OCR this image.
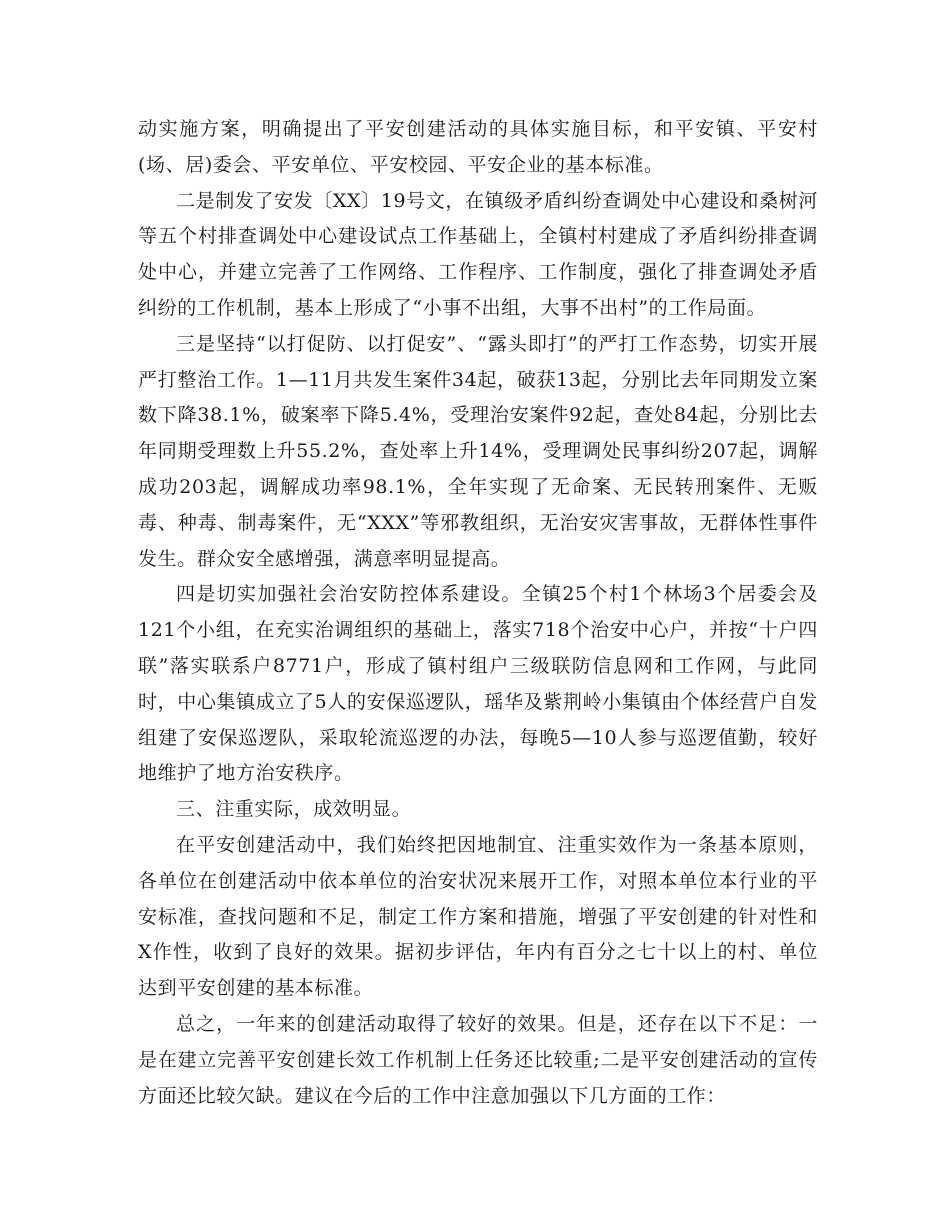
动实施方案，明确提出了平安创建活动的具体实施目标，和平安镇、平安村(场、居)委会、平安单位、平安校园、平安企业的基本标准。

二是制发了安发〔XX〕19号文，在镇级矛盾纠纷查调处中心建设和桑树河等五个村排查调处中心建设试点工作基础上，全镇村村建成了矛盾纠纷排查调处中心，并建立完善了工作网络、工作程序、工作制度，强化了排查调处矛盾纠纷的工作机制，基本上形成了“小事不出组，大事不出村”的工作局面。

三是坚持“以打促防、以打促安”、“露头即打”的严打工作态势，切实开展严打整治工作。1—11月共发生案件34起，破获13起，分别比去年同期发立案数下降38.1%，破案率下降5.4%，受理治安案件92起，查处84起，分别比去年同期受理数上升55.2%，查处率上升14%，受理调处民事纠纷207起，调解成功203起，调解成功率98.1%，全年实现了无命案、无民转刑案件、无贩毒、种毒、制毒案件，无“XXX”等邪教组织，无治安灾害事故，无群体性事件发生。群众安全感增强，满意率明显提高。

四是切实加强社会治安防控体系建设。全镇25个村1个林场3个居委会及121个小组，在充实治调组织的基础上，落实718个治安中心户，并按“十户四联”落实联系户8771户，形成了镇村组户三级联防信息网和工作网，与此同时，中心集镇成立了5人的安保巡逻队，瑶华及紫荆岭小集镇由个体经营户自发组建了安保巡逻队，采取轮流巡逻的办法，每晚5—10人参与巡逻值勤，较好地维护了地方治安秩序。

三、注重实际，成效明显。

在平安创建活动中，我们始终把因地制宜、注重实效作为一条基本原则，各单位在创建活动中依本单位的治安状况来展开工作，对照本单位本行业的平安标准，查找问题和不足，制定工作方案和措施，增强了平安创建的针对性和X作性，收到了良好的效果。据初步评估，年内有百分之七十以上的村、单位达到平安创建的基本标准。

总之，一年来的创建活动取得了较好的效果。但是，还存在以下不足：一是在建立完善平安创建长效工作机制上任务还比较重;二是平安创建活动的宣传方面还比较欠缺。建议在今后的工作中注意加强以下几方面的工作：
